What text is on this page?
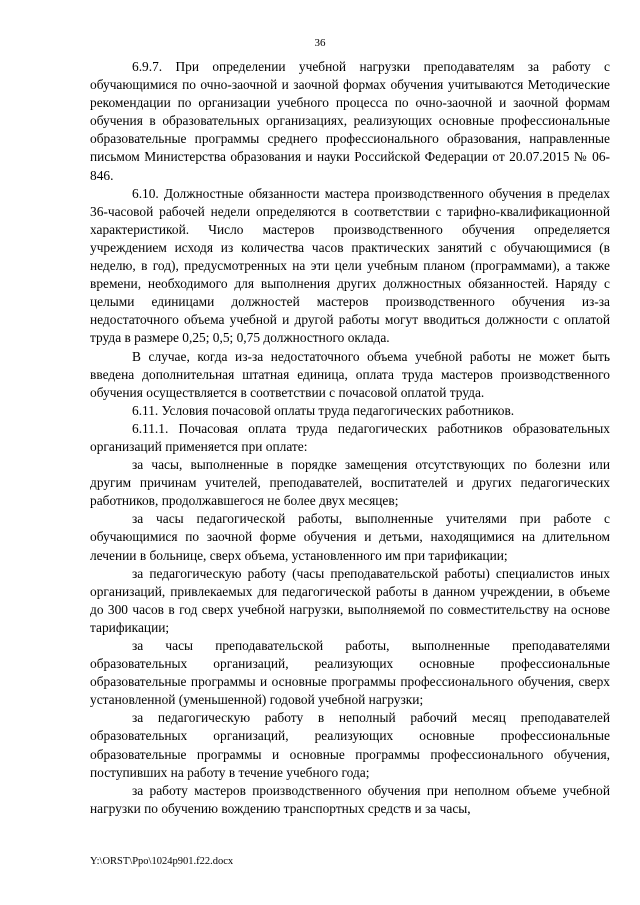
36

6.9.7. При определении учебной нагрузки преподавателям за работу с обучающимися по очно-заочной и заочной формах обучения учитываются Методические рекомендации по организации учебного процесса по очно-заочной и заочной формам обучения в образовательных организациях, реализующих основные профессиональные образовательные программы среднего профессионального образования, направленные письмом Министерства образования и науки Российской Федерации от 20.07.2015 № 06-846.

6.10. Должностные обязанности мастера производственного обучения в пределах 36-часовой рабочей недели определяются в соответствии с тарифно-квалификационной характеристикой. Число мастеров производственного обучения определяется учреждением исходя из количества часов практических занятий с обучающимися (в неделю, в год), предусмотренных на эти цели учебным планом (программами), а также времени, необходимого для выполнения других должностных обязанностей. Наряду с целыми единицами должностей мастеров производственного обучения из-за недостаточного объема учебной и другой работы могут вводиться должности с оплатой труда в размере 0,25; 0,5; 0,75 должностного оклада.

В случае, когда из-за недостаточного объема учебной работы не может быть введена дополнительная штатная единица, оплата труда мастеров производственного обучения осуществляется в соответствии с почасовой оплатой труда.

6.11. Условия почасовой оплаты труда педагогических работников.

6.11.1. Почасовая оплата труда педагогических работников образовательных организаций применяется при оплате:

за часы, выполненные в порядке замещения отсутствующих по болезни или другим причинам учителей, преподавателей, воспитателей и других педагогических работников, продолжавшегося не более двух месяцев;

за часы педагогической работы, выполненные учителями при работе с обучающимися по заочной форме обучения и детьми, находящимися на длительном лечении в больнице, сверх объема, установленного им при тарификации;

за педагогическую работу (часы преподавательской работы) специалистов иных организаций, привлекаемых для педагогической работы в данном учреждении, в объеме до 300 часов в год сверх учебной нагрузки, выполняемой по совместительству на основе тарификации;

за часы преподавательской работы, выполненные преподавателями образовательных организаций, реализующих основные профессиональные образовательные программы и основные программы профессионального обучения, сверх установленной (уменьшенной) годовой учебной нагрузки;

за педагогическую работу в неполный рабочий месяц преподавателей образовательных организаций, реализующих основные профессиональные образовательные программы и основные программы профессионального обучения, поступивших на работу в течение учебного года;

за работу мастеров производственного обучения при неполном объеме учебной нагрузки по обучению вождению транспортных средств и за часы,

Y:\ORST\Ppo\1024p901.f22.docx
